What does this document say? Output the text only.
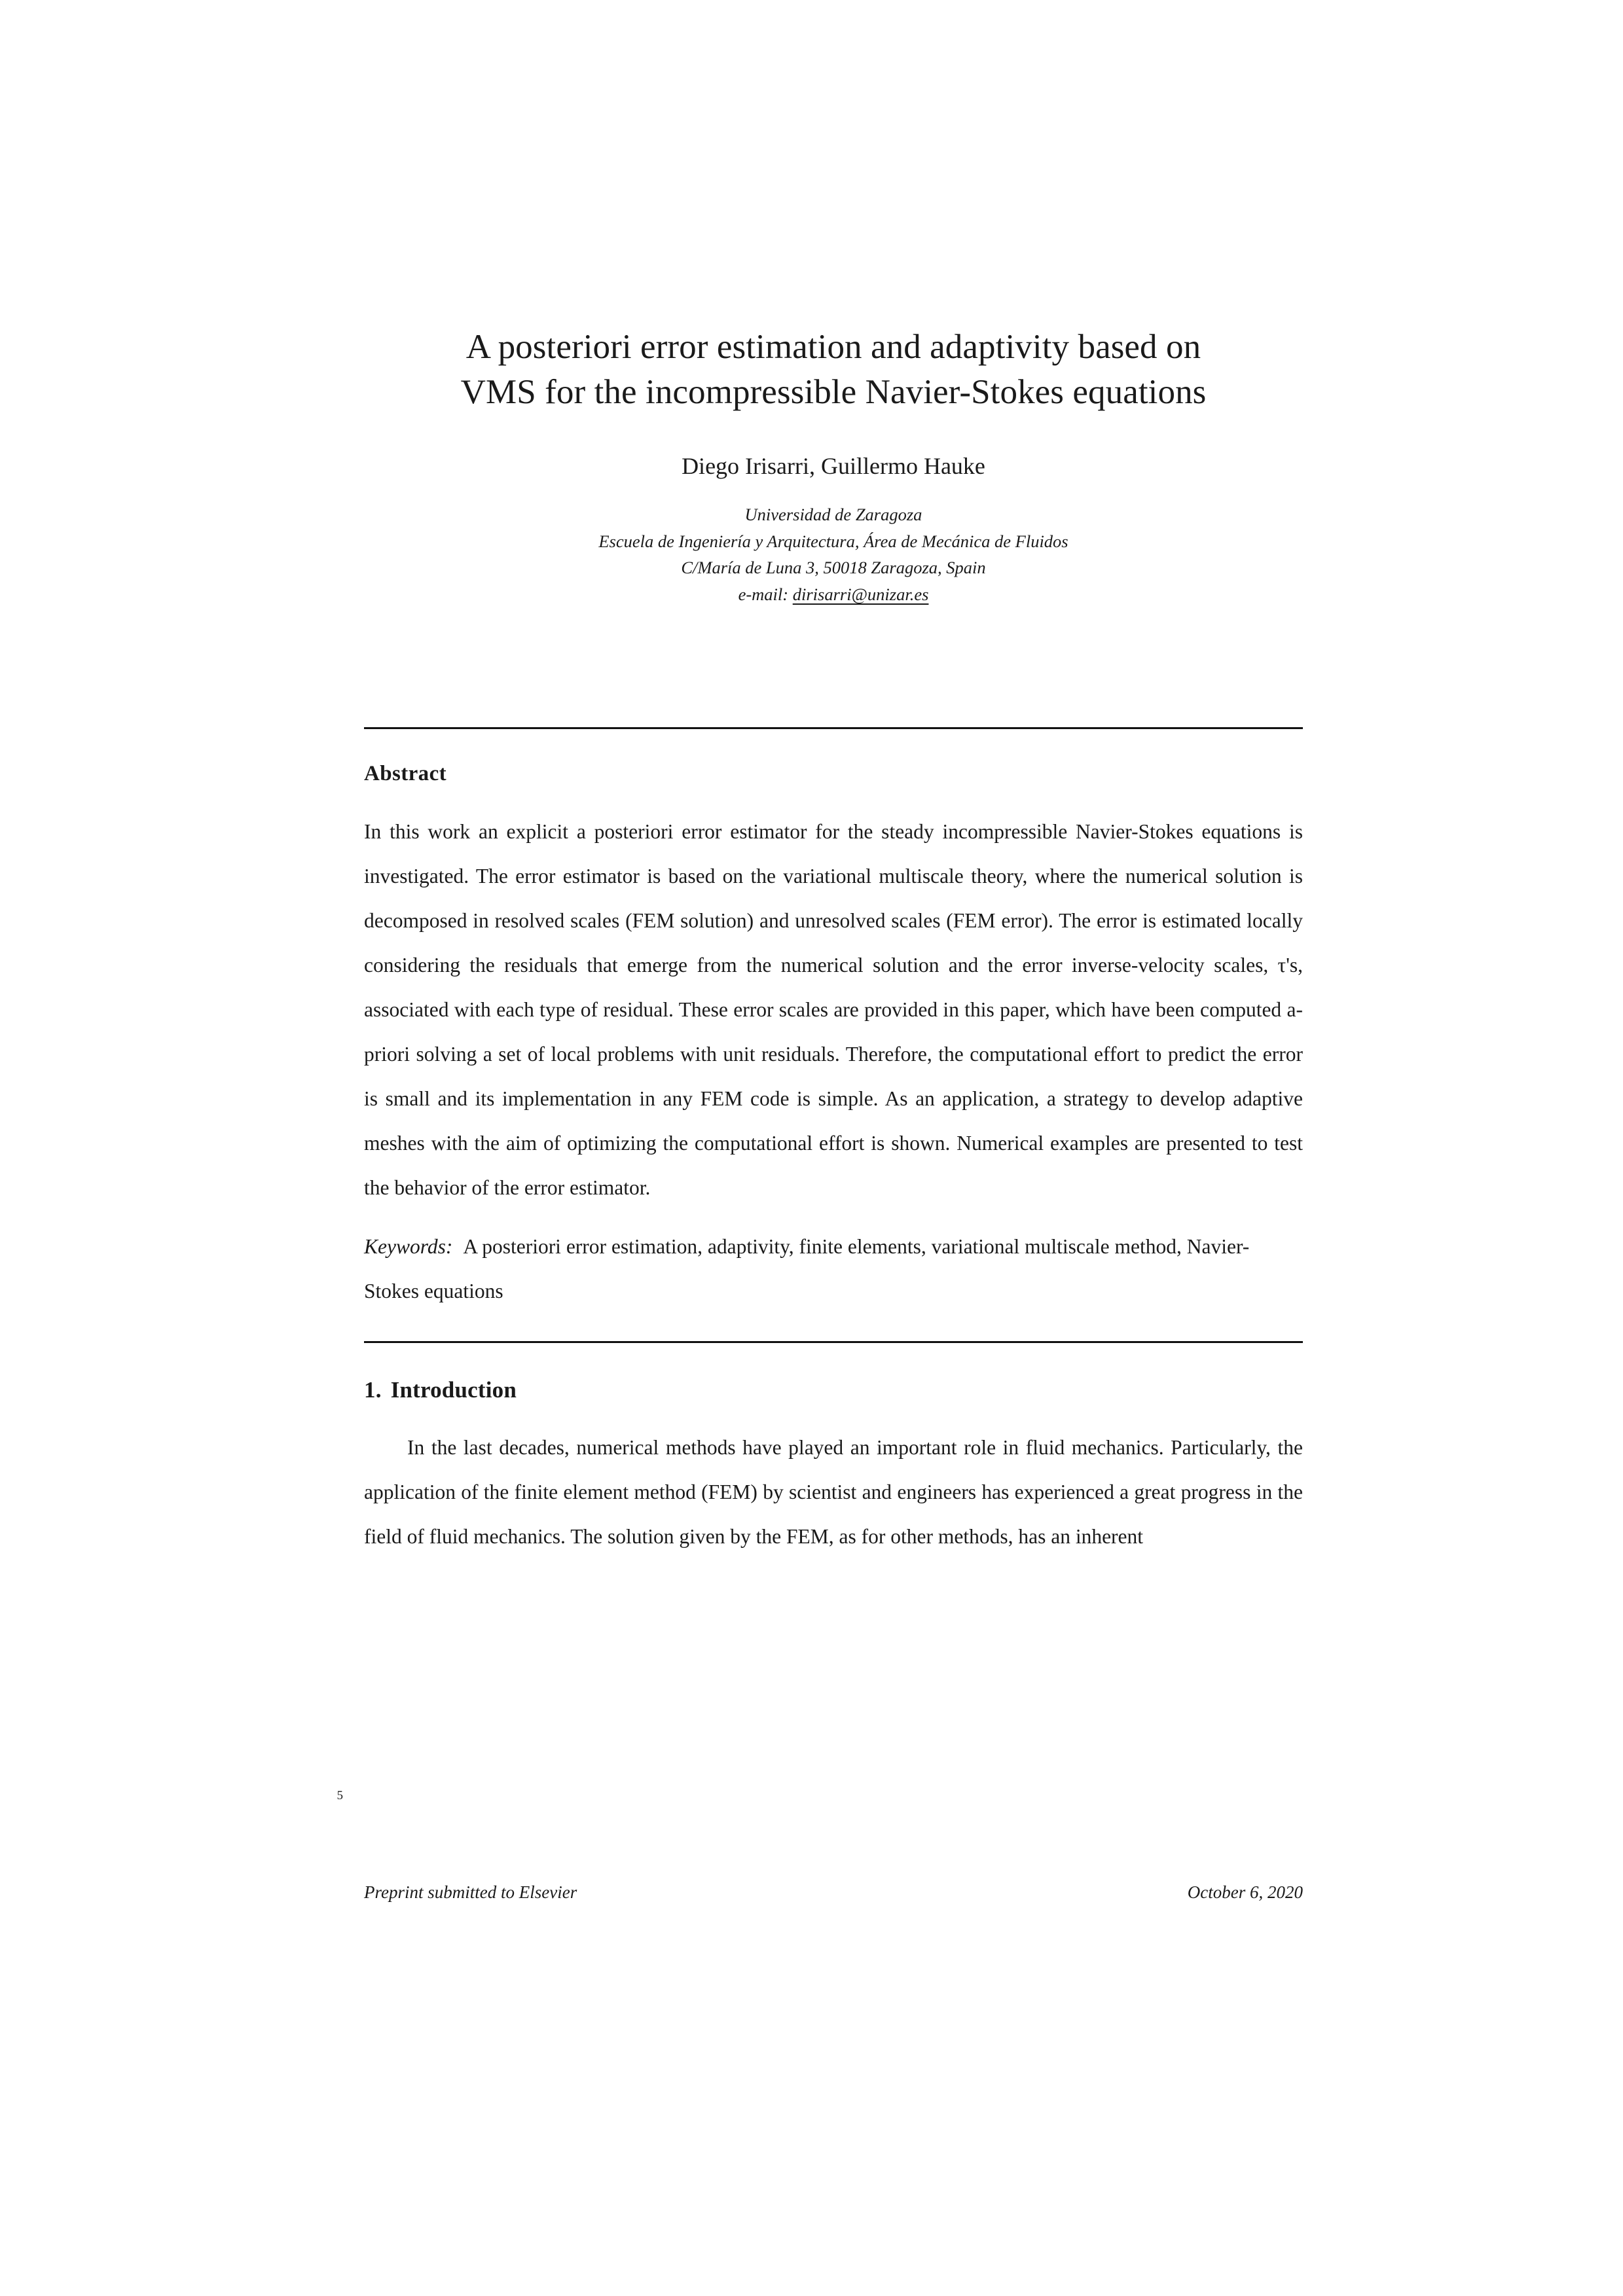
A posteriori error estimation and adaptivity based on
VMS for the incompressible Navier-Stokes equations
Diego Irisarri, Guillermo Hauke
Universidad de Zaragoza
Escuela de Ingeniería y Arquitectura, Área de Mecánica de Fluidos
C/María de Luna 3, 50018 Zaragoza, Spain
e-mail: dirisarri@unizar.es
Abstract

In this work an explicit a posteriori error estimator for the steady incompressible Navier-Stokes equations is investigated. The error estimator is based on the variational multiscale theory, where the numerical solution is decomposed in resolved scales (FEM solution) and unresolved scales (FEM error). The error is estimated locally considering the residuals that emerge from the numerical solution and the error inverse-velocity scales, τ's, associated with each type of residual. These error scales are provided in this paper, which have been computed a-priori solving a set of local problems with unit residuals. Therefore, the computational effort to predict the error is small and its implementation in any FEM code is simple. As an application, a strategy to develop adaptive meshes with the aim of optimizing the computational effort is shown. Numerical examples are presented to test the behavior of the error estimator.

Keywords: A posteriori error estimation, adaptivity, finite elements, variational multiscale method, Navier-Stokes equations
1. Introduction

In the last decades, numerical methods have played an important role in fluid mechanics. Particularly, the application of the finite element method (FEM) by scientist and engineers has experienced a great progress in the field of fluid mechanics. The solution given by the FEM, as for other methods, has an inherent

5
Preprint submitted to Elsevier	October 6, 2020
